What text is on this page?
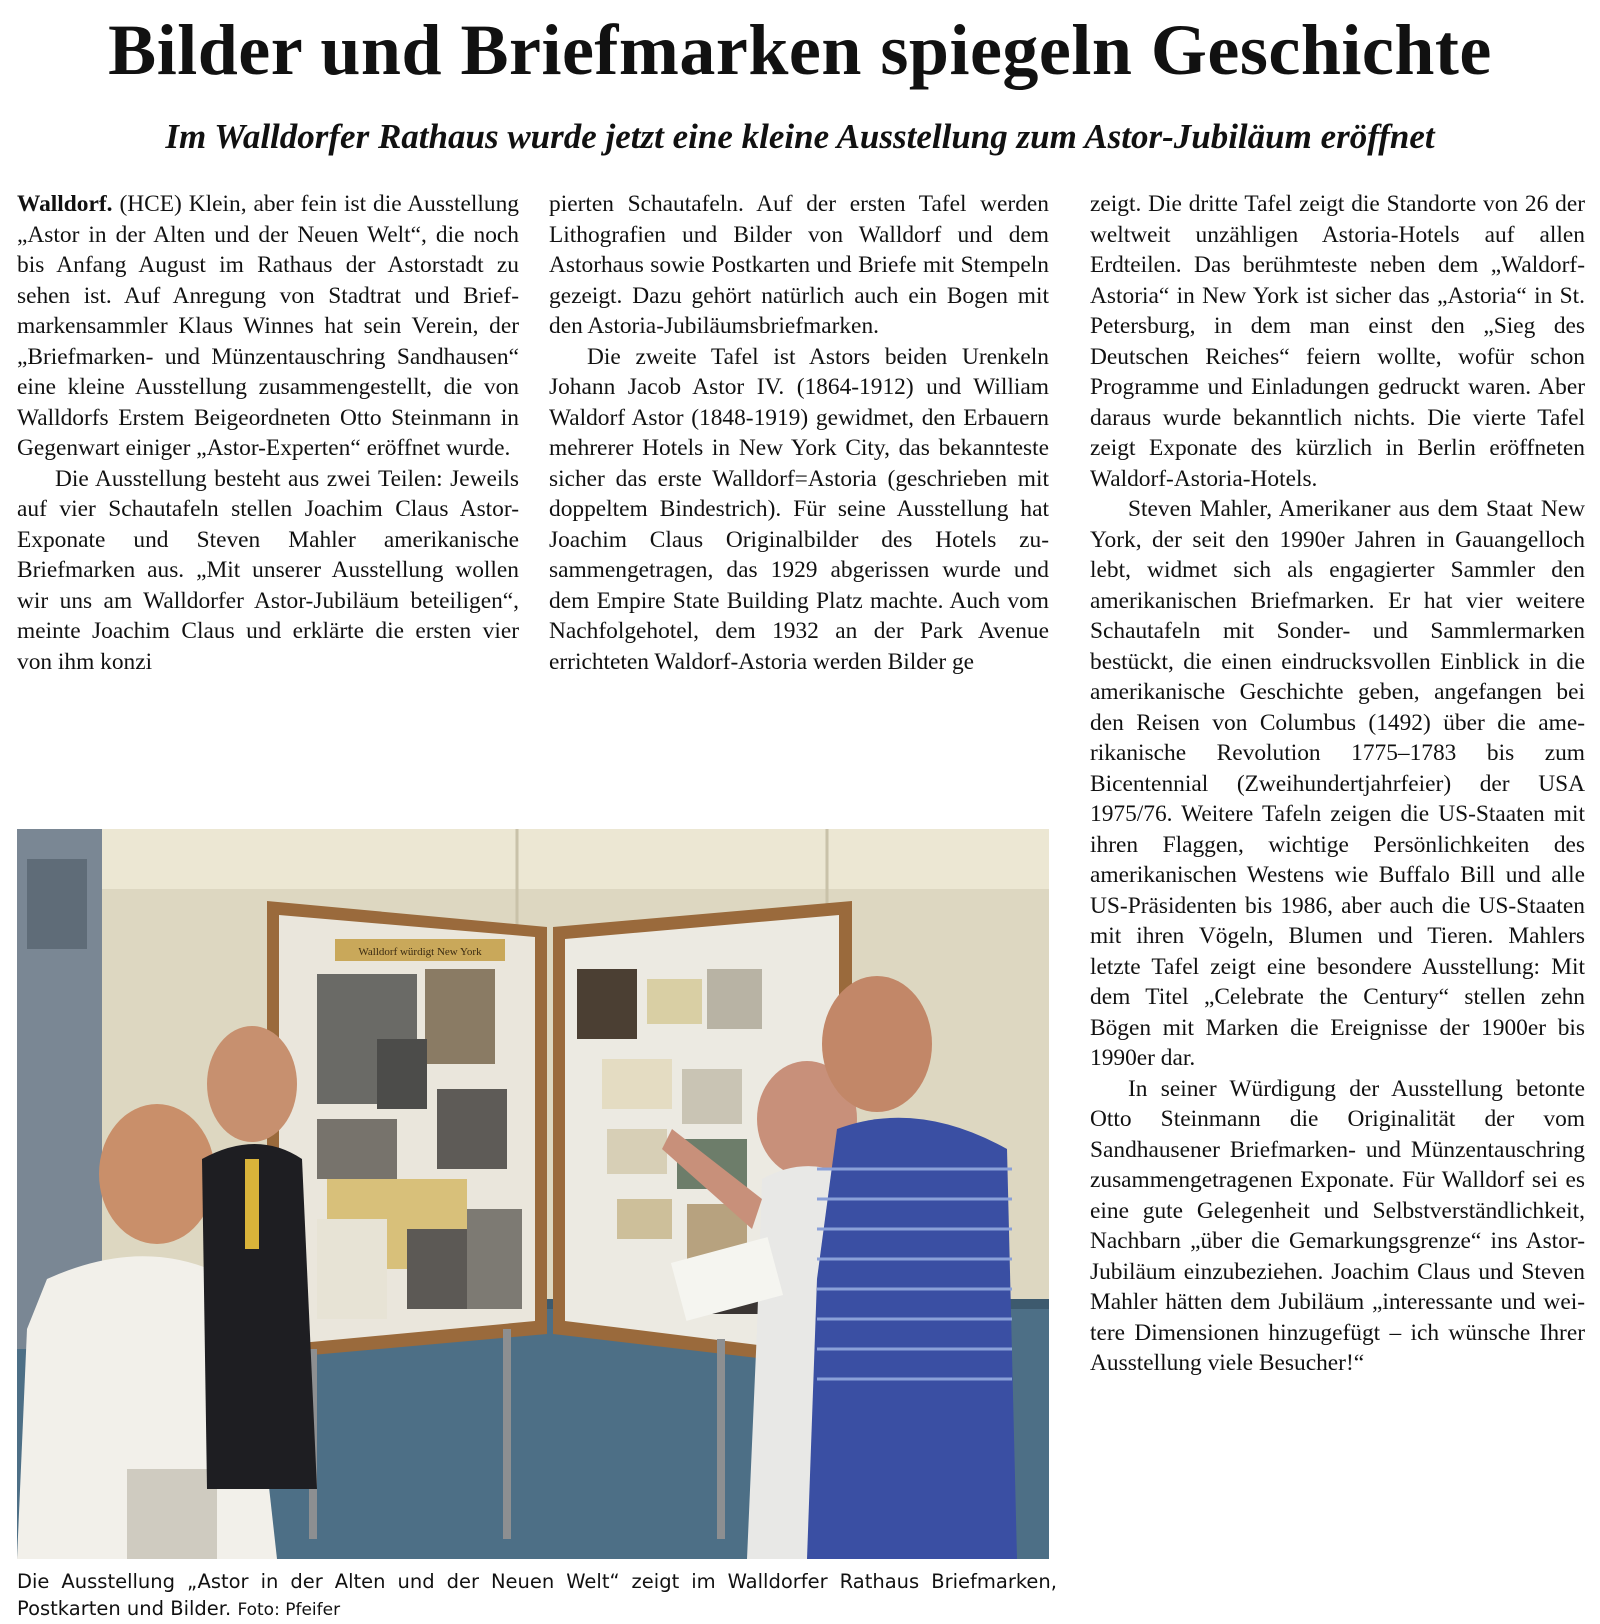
Bilder und Briefmarken spiegeln Geschichte
Im Walldorfer Rathaus wurde jetzt eine kleine Ausstellung zum Astor-Jubiläum eröffnet

Walldorf. (HCE) Klein, aber fein ist die Ausstellung „Astor in der Alten und der Neuen Welt“, die noch bis Anfang August im Rathaus der Astorstadt zu sehen ist. Auf Anregung von Stadtrat und Briefmarkensammler Klaus Winnes hat sein Verein, der „Briefmarken- und Münzentauschring Sandhausen“ eine kleine Ausstellung zusammengestellt, die von Walldorfs Erstem Beigeordneten Otto Steinmann in Gegenwart einiger „Astor-Experten“ eröffnet wurde.

Die Ausstellung besteht aus zwei Teilen: Jeweils auf vier Schautafeln stellen Joachim Claus Astor-Exponate und Steven Mahler amerikanische Briefmarken aus. „Mit unserer Ausstellung wollen wir uns am Walldorfer Astor-Jubiläum beteiligen“, meinte Joachim Claus und erklärte die ersten vier von ihm konzi

pierten Schautafeln. Auf der ersten Tafel werden Lithografien und Bilder von Walldorf und dem Astorhaus sowie Postkarten und Briefe mit Stempeln gezeigt. Dazu gehört natürlich auch ein Bogen mit den Astoria-Jubiläumsbriefmarken.

Die zweite Tafel ist Astors beiden Urenkeln Johann Jacob Astor IV. (1864-1912) und William Waldorf Astor (1848-1919) gewidmet, den Erbauern mehrerer Hotels in New York City, das bekannteste sicher das erste Walldorf=Astoria (geschrieben mit doppeltem Bindestrich). Für seine Ausstellung hat Joachim Claus Originalbilder des Hotels zusammengetragen, das 1929 abgerissen wurde und dem Empire State Building Platz machte. Auch vom Nachfolgehotel, dem 1932 an der Park Avenue errichteten Waldorf-Astoria werden Bilder ge

zeigt. Die dritte Tafel zeigt die Standorte von 26 der weltweit unzähligen Astoria-Hotels auf allen Erdteilen. Das berühmteste neben dem „Waldorf-Astoria“ in New York ist sicher das „Astoria“ in St. Petersburg, in dem man einst den „Sieg des Deutschen Reiches“ feiern wollte, wofür schon Programme und Einladungen gedruckt waren. Aber daraus wurde bekanntlich nichts. Die vierte Tafel zeigt Exponate des kürzlich in Berlin eröffneten Waldorf-Astoria-Hotels.

Steven Mahler, Amerikaner aus dem Staat New York, der seit den 1990er Jahren in Gauangelloch lebt, widmet sich als engagierter Sammler den amerikanischen Briefmarken. Er hat vier weitere Schautafeln mit Sonder- und Sammlermarken bestückt, die einen eindrucksvollen Einblick in die amerikanische Geschichte geben, angefangen bei den Reisen von Columbus (1492) über die amerikanische Revolution 1775–1783 bis zum Bicentennial (Zweihundertjahrfeier) der USA 1975/76. Weitere Tafeln zeigen die US-Staaten mit ihren Flaggen, wichtige Persönlichkeiten des amerikanischen Westens wie Buffalo Bill und alle US-Präsidenten bis 1986, aber auch die US-Staaten mit ihren Vögeln, Blumen und Tieren. Mahlers letzte Tafel zeigt eine besondere Ausstellung: Mit dem Titel „Celebrate the Century“ stellen zehn Bögen mit Marken die Ereignisse der 1900er bis 1990er dar.

In seiner Würdigung der Ausstellung betonte Otto Steinmann die Originalität der vom Sandhausener Briefmarken- und Münzentauschring zusammengetragenen Exponate. Für Walldorf sei es eine gute Gelegenheit und Selbstverständlichkeit, Nachbarn „über die Gemarkungsgrenze“ ins Astor-Jubiläum einzubeziehen. Joachim Claus und Steven Mahler hätten dem Jubiläum „interessante und weitere Dimensionen hinzugefügt – ich wünsche Ihrer Ausstellung viele Besucher!“

Walldorf würdigt New York
Die Ausstellung „Astor in der Alten und der Neuen Welt“ zeigt im Walldorfer Rathaus Briefmarken, Postkarten und Bilder. Foto: Pfeifer
